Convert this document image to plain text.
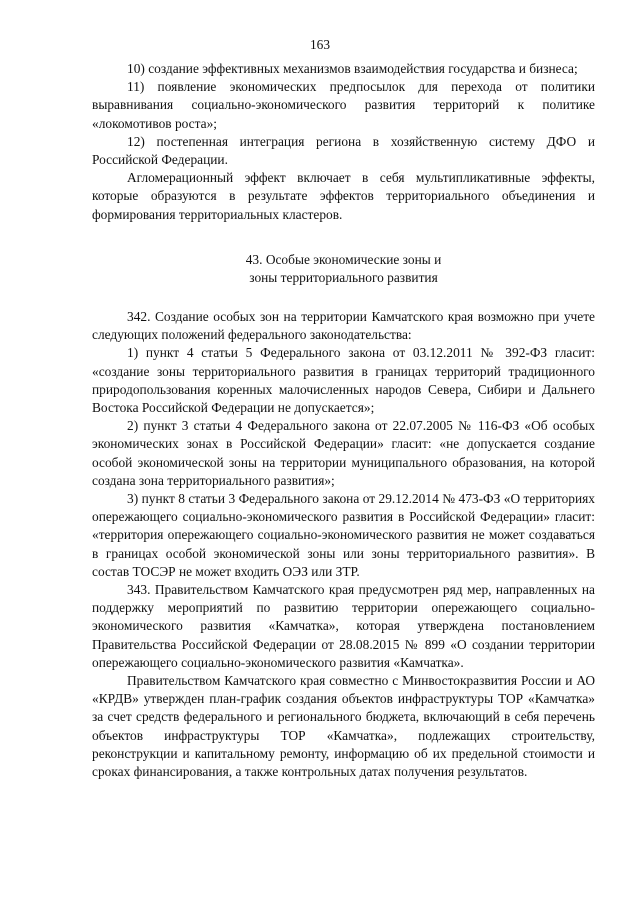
163

10) создание эффективных механизмов взаимодействия государства и бизнеса;

11) появление экономических предпосылок для перехода от политики выравнивания социально-экономического развития территорий к политике «локомотивов роста»;

12) постепенная интеграция региона в хозяйственную систему ДФО и Российской Федерации.

Агломерационный эффект включает в себя мультипликативные эффекты, которые образуются в результате эффектов территориального объединения и формирования территориальных кластеров.

43. Особые экономические зоны и
зоны территориального развития

342. Создание особых зон на территории Камчатского края возможно при учете следующих положений федерального законодательства:

1) пункт 4 статьи 5 Федерального закона от 03.12.2011 № 392-ФЗ гласит: «создание зоны территориального развития в границах территорий традиционного природопользования коренных малочисленных народов Севера, Сибири и Дальнего Востока Российской Федерации не допускается»;

2) пункт 3 статьи 4 Федерального закона от 22.07.2005 № 116-ФЗ «Об особых экономических зонах в Российской Федерации» гласит: «не допускается создание особой экономической зоны на территории муниципального образования, на которой создана зона территориального развития»;

3) пункт 8 статьи 3 Федерального закона от 29.12.2014 № 473-ФЗ «О территориях опережающего социально-экономического развития в Российской Федерации» гласит: «территория опережающего социально-экономического развития не может создаваться в границах особой экономической зоны или зоны территориального развития». В состав ТОСЭР не может входить ОЭЗ или ЗТР.

343. Правительством Камчатского края предусмотрен ряд мер, направленных на поддержку мероприятий по развитию территории опережающего социально-экономического развития «Камчатка», которая утверждена постановлением Правительства Российской Федерации от 28.08.2015 № 899 «О создании территории опережающего социально-экономического развития «Камчатка».

Правительством Камчатского края совместно с Минвостокразвития России и АО «КРДВ» утвержден план-график создания объектов инфраструктуры ТОР «Камчатка» за счет средств федерального и регионального бюджета, включающий в себя перечень объектов инфраструктуры ТОР «Камчатка», подлежащих строительству, реконструкции и капитальному ремонту, информацию об их предельной стоимости и сроках финансирования, а также контрольных датах получения результатов.
